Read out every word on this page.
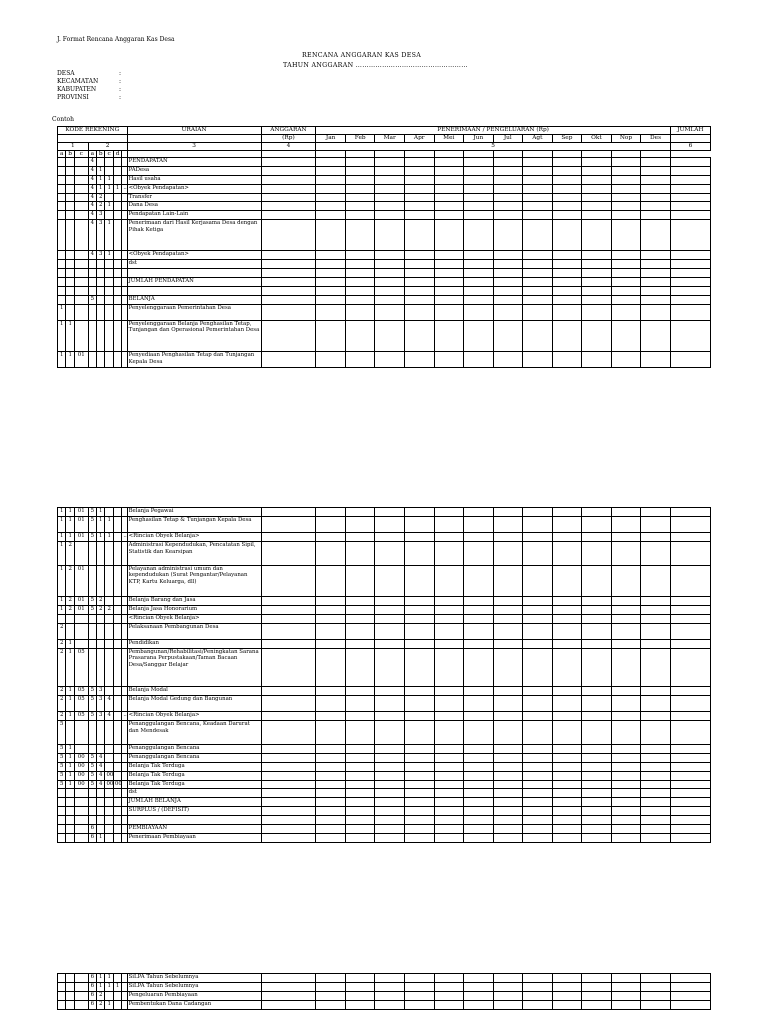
J. Format Rencana Anggaran Kas Desa
RENCANA ANGGARAN KAS DESA
TAHUN ANGGARAN ……………………………………………
DESA	:
KECAMATAN	:
KABUPATEN	:
PROVINSI	:
Contoh
KODE REKENING								URAIAN	ANGGARAN	PENERIMAAN / PENGELUARAN (Rp)												JUMLAH
									(Rp)	Jan	Feb	Mar	Apr	Mei	Jun	Jul	Agt	Sep	Okt	Nop	Des	
1			2					3	4	5												6
a	b	c	a	b	c	d																
			4					PENDAPATAN														
			4	1				PADesa														
			4	1	1			Hasil usaha														
			4	1	1	1	...	<Obyek Pendapatan>														
			4	2				Transfer														
			4	2	1			Dana Desa														
			4	3				Pendapatan Lain-Lain														
			4	3	1			Penerimaan dari Hasil Kerjasama Desa dengan Pihak Ketiga														
			4	3	1			<Obyek Pendapatan>														
								dst														

								JUMLAH PENDAPATAN														

			5					BELANJA														
1								Penyelenggaraan Pemerintahan Desa														
1	1							Penyelenggaraan Belanja Penghasilan Tetap, Tunjangan dan Operasional Pemerintahan Desa														
1	1	01						Penyediaan Penghasilan Tetap dan Tunjangan Kepala Desa														
1	1	01	5	1				Belanja Pegawai														
1	1	01	5	1	1			Penghasilan Tetap & Tunjangan Kepala Desa														
1	1	01	5	1	1		...	<Rincian Obyek Belanja>														
1	2							Administrasi Kependudukan, Pencatatan Sipil, Statistik dan Kearsipan														
1	2	01						Pelayanan administrasi umum dan kependudukan (Surat Pengantar/Pelayanan KTP, Kartu Keluarga, dll)														
1	2	01	5	2				Belanja Barang dan Jasa														
1	2	01	5	2	2			Belanja Jasa Honorarium														
								<Rincian Obyek Belanja>														
2								Pelaksanaan Pembangunan Desa														
2	1							Pendidikan														
2	1	05						Pembangunan/Rehabilitasi/Peningkatan Sarana Prasarana Perpustakaan/Taman Bacaan Desa/Sanggar Belajar														
2	1	05	5	3				Belanja Modal														
2	1	05	5	3	4			Belanja Modal Gedung dan Bangunan														
2	1	05	5	3	4		...	<Rincian Obyek Belanja>														
5								Penanggulangan Bencana, Keadaan Darurat dan Mendesak														
5	1							Penanggulangan Bencana														
5	1	00	5	4				Penanggulangan Bencana														
5	1	00	5	4				Belanja Tak Terduga														
5	1	00	5	4	00			Belanja Tak Terduga														
5	1	00	5	4	00	00		Belanja Tak Terduga														
								dst														
								JUMLAH BELANJA														
								SURPLUS / (DEFISIT)														

			6					PEMBIAYAAN														
			6	1				Penerimaan Pembiayaan														
			6	1	1			SiLPA Tahun Sebelumnya														
			6	1	1	1		SiLPA Tahun Sebelumnya														
			6	2				Pengeluaran Pembiayaan														
			6	2	1			Pembentukan Dana Cadangan														
